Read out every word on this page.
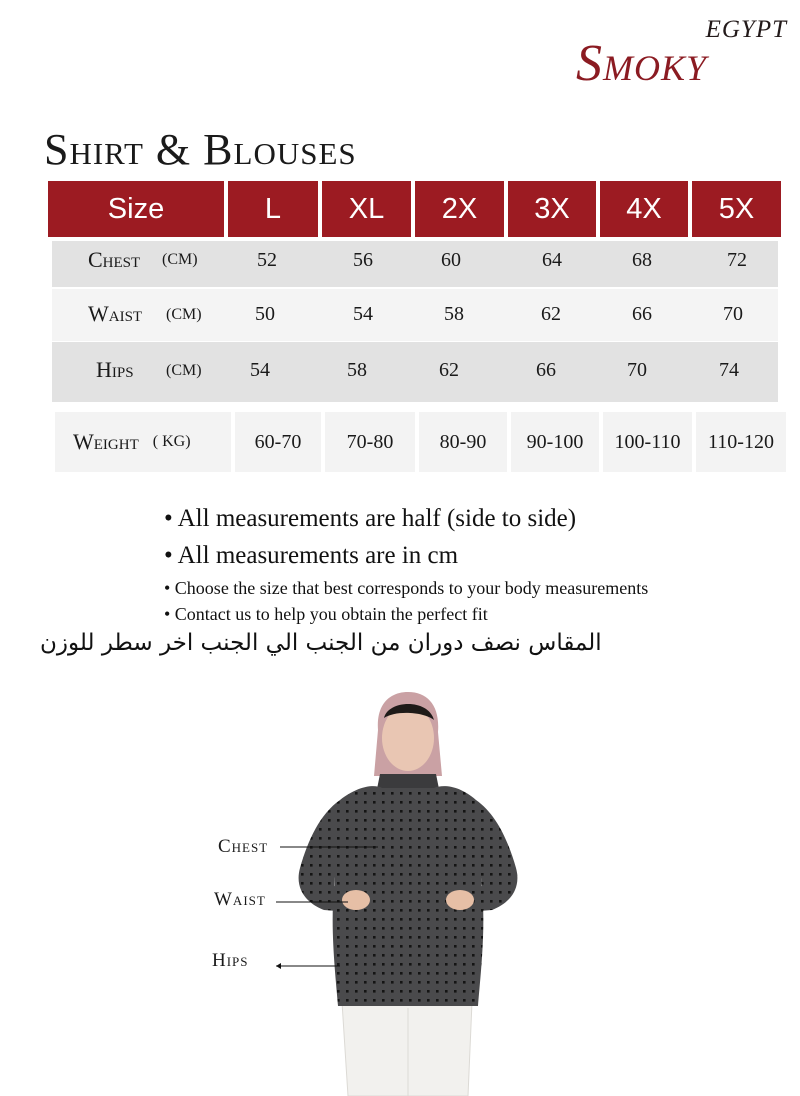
EGYPT
Smoky
Shirt & Blouses
Size	L	XL	2X	3X	4X	5X
Chest (CM)	52	56	60	64	68	72
Waist (CM)	50	54	58	62	66	70
Hips (CM)	54	58	62	66	70	74
Weight ( KG)	60-70	70-80	80-90	90-100	100-110	110-120
• All measurements are half (side to side)
• All measurements are in cm
• Choose the size that best corresponds to your body measurements
• Contact us to help you obtain the perfect fit
المقاس نصف دوران من الجنب الي الجنب اخر سطر للوزن
Chest
Waist
Hips
